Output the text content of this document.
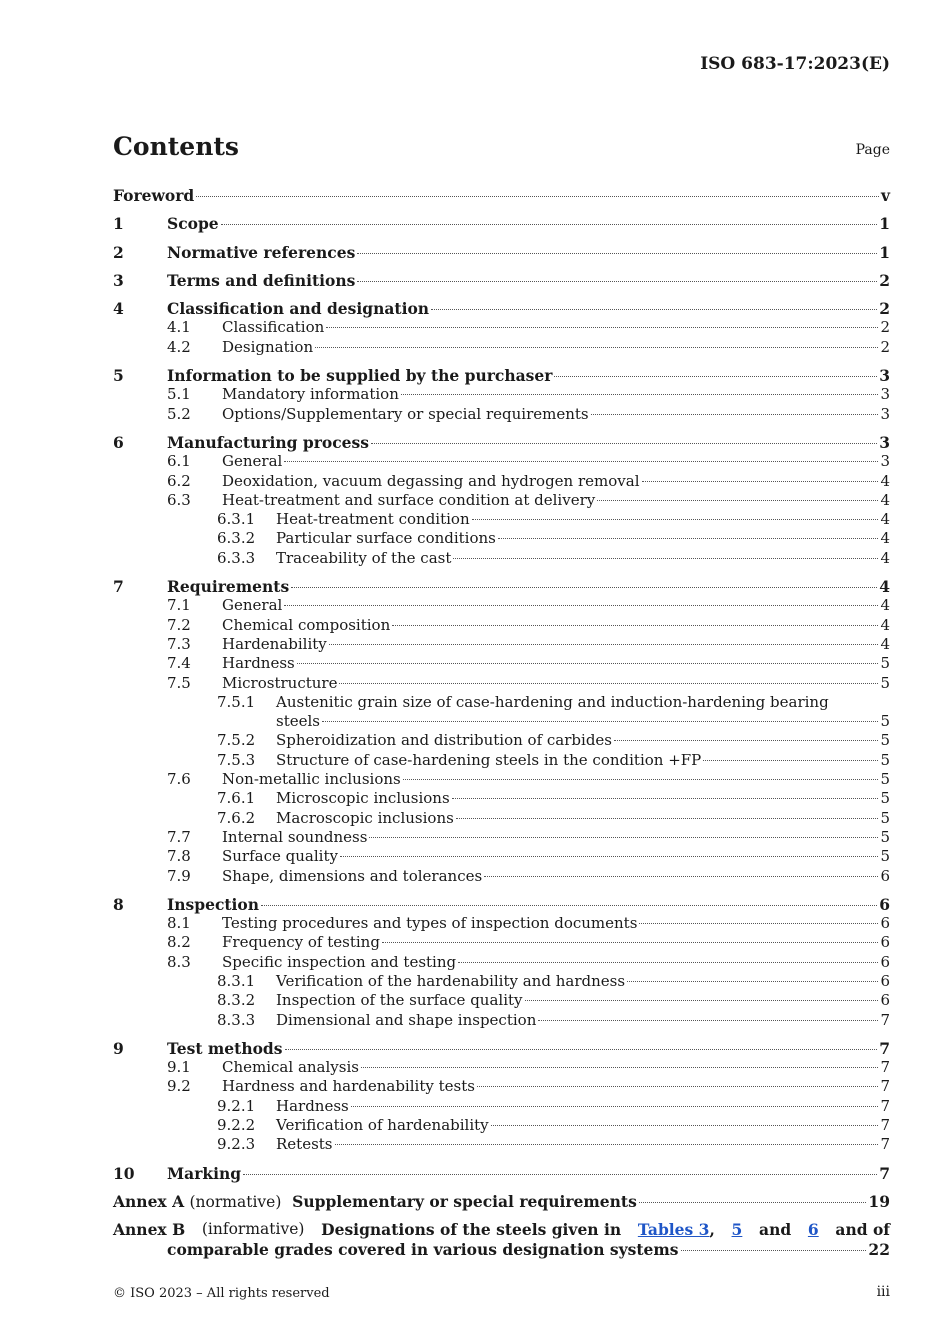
ISO 683-17:2023(E)
Contents	Page
Foreword	v
1	Scope	1
2	Normative references	1
3	Terms and definitions	2
4	Classification and designation	2
4.1 Classification	2
4.2 Designation	2
5	Information to be supplied by the purchaser	3
5.1 Mandatory information	3
5.2 Options/Supplementary or special requirements	3
6	Manufacturing process	3
6.1 General	3
6.2 Deoxidation, vacuum degassing and hydrogen removal	4
6.3 Heat-treatment and surface condition at delivery	4
6.3.1 Heat-treatment condition	4
6.3.2 Particular surface conditions	4
6.3.3 Traceability of the cast	4
7	Requirements	4
7.1 General	4
7.2 Chemical composition	4
7.3 Hardenability	4
7.4 Hardness	5
7.5 Microstructure	5
7.5.1 Austenitic grain size of case-hardening and induction-hardening bearing
steels	5
7.5.2 Spheroidization and distribution of carbides	5
7.5.3 Structure of case-hardening steels in the condition +FP	5
7.6 Non-metallic inclusions	5
7.6.1 Microscopic inclusions	5
7.6.2 Macroscopic inclusions	5
7.7 Internal soundness	5
7.8 Surface quality	5
7.9 Shape, dimensions and tolerances	6
8	Inspection	6
8.1 Testing procedures and types of inspection documents	6
8.2 Frequency of testing	6
8.3 Specific inspection and testing	6
8.3.1 Verification of the hardenability and hardness	6
8.3.2 Inspection of the surface quality	6
8.3.3 Dimensional and shape inspection	7
9	Test methods	7
9.1 Chemical analysis	7
9.2 Hardness and hardenability tests	7
9.2.1 Hardness	7
9.2.2 Verification of hardenability	7
9.2.3 Retests	7
10 Marking	7
Annex A (normative) Supplementary or special requirements	19
Annex B (informative) Designations of the steels given in Tables 3, 5 and 6 and of
comparable grades covered in various designation systems	22
© ISO 2023 – All rights reserved	iii
